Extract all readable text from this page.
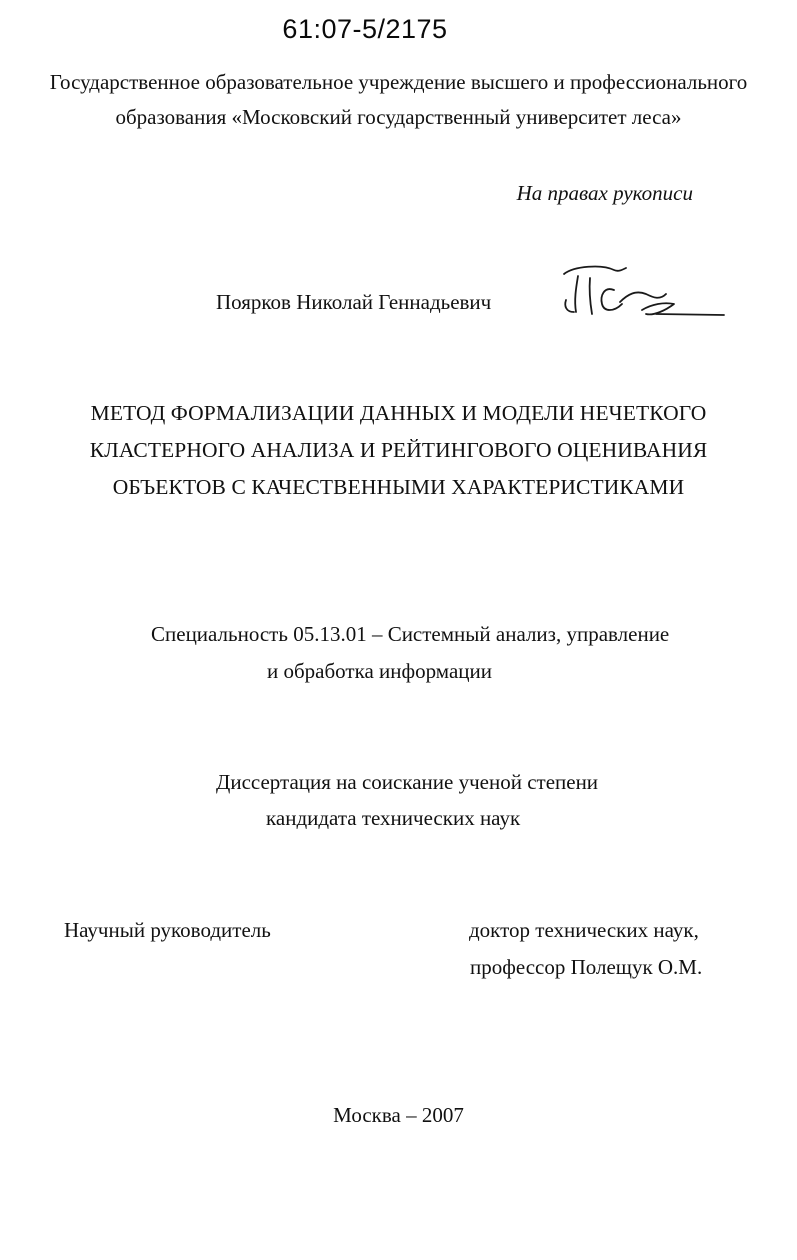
61:07-5/2175
Государственное образовательное учреждение высшего и профессионального
образования «Московский государственный университет леса»
На правах рукописи
Поярков Николай Геннадьевич
МЕТОД ФОРМАЛИЗАЦИИ ДАННЫХ И МОДЕЛИ НЕЧЕТКОГО
КЛАСТЕРНОГО АНАЛИЗА И РЕЙТИНГОВОГО ОЦЕНИВАНИЯ
ОБЪЕКТОВ С КАЧЕСТВЕННЫМИ ХАРАКТЕРИСТИКАМИ
Специальность 05.13.01 – Системный анализ, управление
и обработка информации
Диссертация на соискание ученой степени
кандидата технических наук
Научный руководитель	доктор технических наук,
профессор Полещук О.М.
Москва – 2007
